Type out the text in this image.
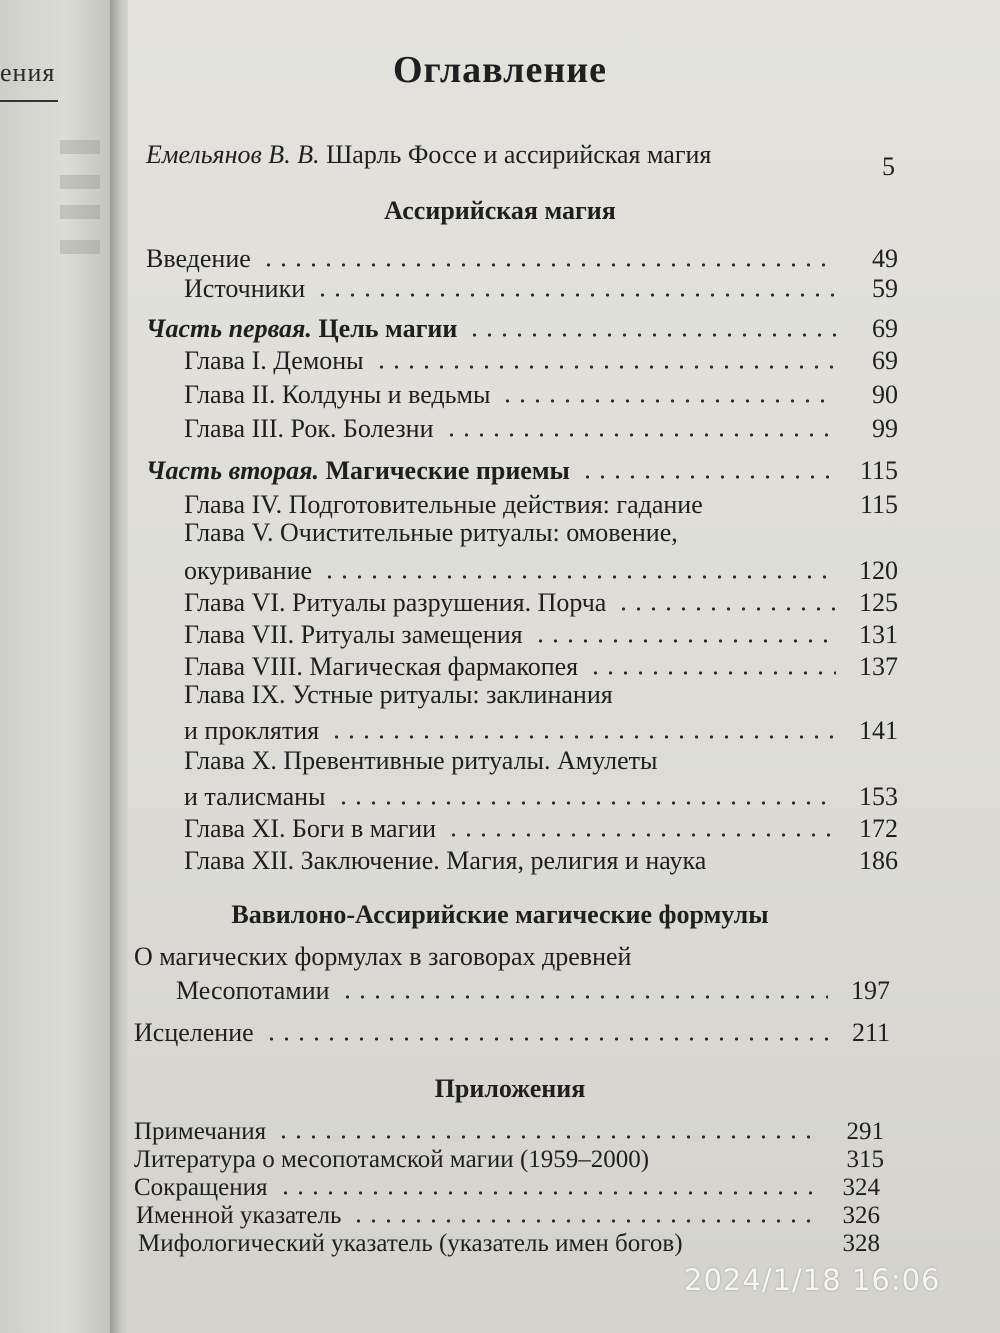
ения	Оглавление
Емельянов В. В. Шарль Фоссе и ассирийская магия	5
Ассирийская магия
Введение	49
Источники	59
Часть первая. Цель магии	69
Глава I. Демоны	69
Глава II. Колдуны и ведьмы	90
Глава III. Рок. Болезни	99
Часть вторая. Магические приемы	115
Глава IV. Подготовительные действия: гадание	115
Глава V. Очистительные ритуалы: омовение,
окуривание	120
Глава VI. Ритуалы разрушения. Порча	125
Глава VII. Ритуалы замещения	131
Глава VIII. Магическая фармакопея	137
Глава IX. Устные ритуалы: заклинания
и проклятия	141
Глава X. Превентивные ритуалы. Амулеты
и талисманы	153
Глава XI. Боги в магии	172
Глава XII. Заключение. Магия, религия и наука	186
Вавилоно-Ассирийские магические формулы
О магических формулах в заговорах древней
Месопотамии	197
Исцеление	211
Приложения
Примечания	291
Литература о месопотамской магии (1959–2000)	315
Сокращения	324
Именной указатель	326
Мифологический указатель (указатель имен богов)	328
2024/1/18 16:06
